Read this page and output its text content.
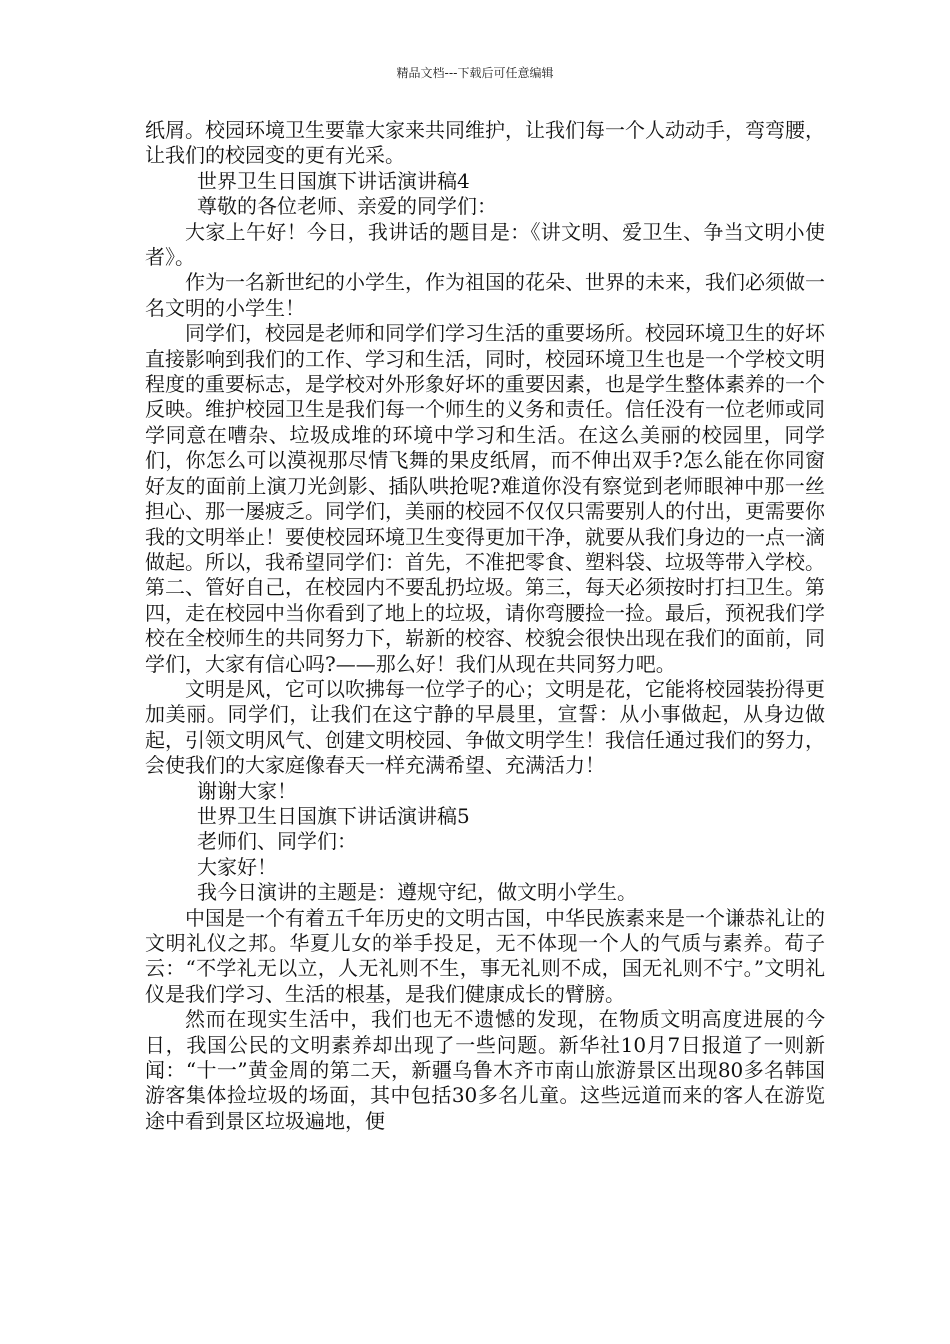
精品文档---下载后可任意编辑

纸屑。校园环境卫生要靠大家来共同维护，让我们每一个人动动手，弯弯腰，让我们的校园变的更有光采。

世界卫生日国旗下讲话演讲稿4

尊敬的各位老师、亲爱的同学们：

大家上午好！今日，我讲话的题目是：《讲文明、爱卫生、争当文明小使者》。

作为一名新世纪的小学生，作为祖国的花朵、世界的未来，我们必须做一名文明的小学生！

同学们，校园是老师和同学们学习生活的重要场所。校园环境卫生的好坏直接影响到我们的工作、学习和生活，同时，校园环境卫生也是一个学校文明程度的重要标志，是学校对外形象好坏的重要因素，也是学生整体素养的一个反映。维护校园卫生是我们每一个师生的义务和责任。信任没有一位老师或同学同意在嘈杂、垃圾成堆的环境中学习和生活。在这么美丽的校园里，同学们，你怎么可以漠视那尽情飞舞的果皮纸屑，而不伸出双手?怎么能在你同窗好友的面前上演刀光剑影、插队哄抢呢?难道你没有察觉到老师眼神中那一丝担心、那一屡疲乏。同学们，美丽的校园不仅仅只需要别人的付出，更需要你我的文明举止！要使校园环境卫生变得更加干净，就要从我们身边的一点一滴做起。所以，我希望同学们：首先，不准把零食、塑料袋、垃圾等带入学校。第二、管好自己，在校园内不要乱扔垃圾。第三，每天必须按时打扫卫生。第四，走在校园中当你看到了地上的垃圾，请你弯腰捡一捡。最后，预祝我们学校在全校师生的共同努力下，崭新的校容、校貌会很快出现在我们的面前，同学们，大家有信心吗?——那么好！我们从现在共同努力吧。

文明是风，它可以吹拂每一位学子的心；文明是花，它能将校园装扮得更加美丽。同学们，让我们在这宁静的早晨里，宣誓：从小事做起，从身边做起，引领文明风气、创建文明校园、争做文明学生！我信任通过我们的努力，会使我们的大家庭像春天一样充满希望、充满活力！

谢谢大家！

世界卫生日国旗下讲话演讲稿5

老师们、同学们：

大家好！

我今日演讲的主题是：遵规守纪，做文明小学生。

中国是一个有着五千年历史的文明古国，中华民族素来是一个谦恭礼让的文明礼仪之邦。华夏儿女的举手投足，无不体现一个人的气质与素养。荀子云：“不学礼无以立，人无礼则不生，事无礼则不成，国无礼则不宁。”文明礼仪是我们学习、生活的根基，是我们健康成长的臂膀。

然而在现实生活中，我们也无不遗憾的发现，在物质文明高度进展的今日，我国公民的文明素养却出现了一些问题。新华社10月7日报道了一则新闻：“十一”黄金周的第二天，新疆乌鲁木齐市南山旅游景区出现80多名韩国游客集体捡垃圾的场面，其中包括30多名儿童。这些远道而来的客人在游览途中看到景区垃圾遍地，便
